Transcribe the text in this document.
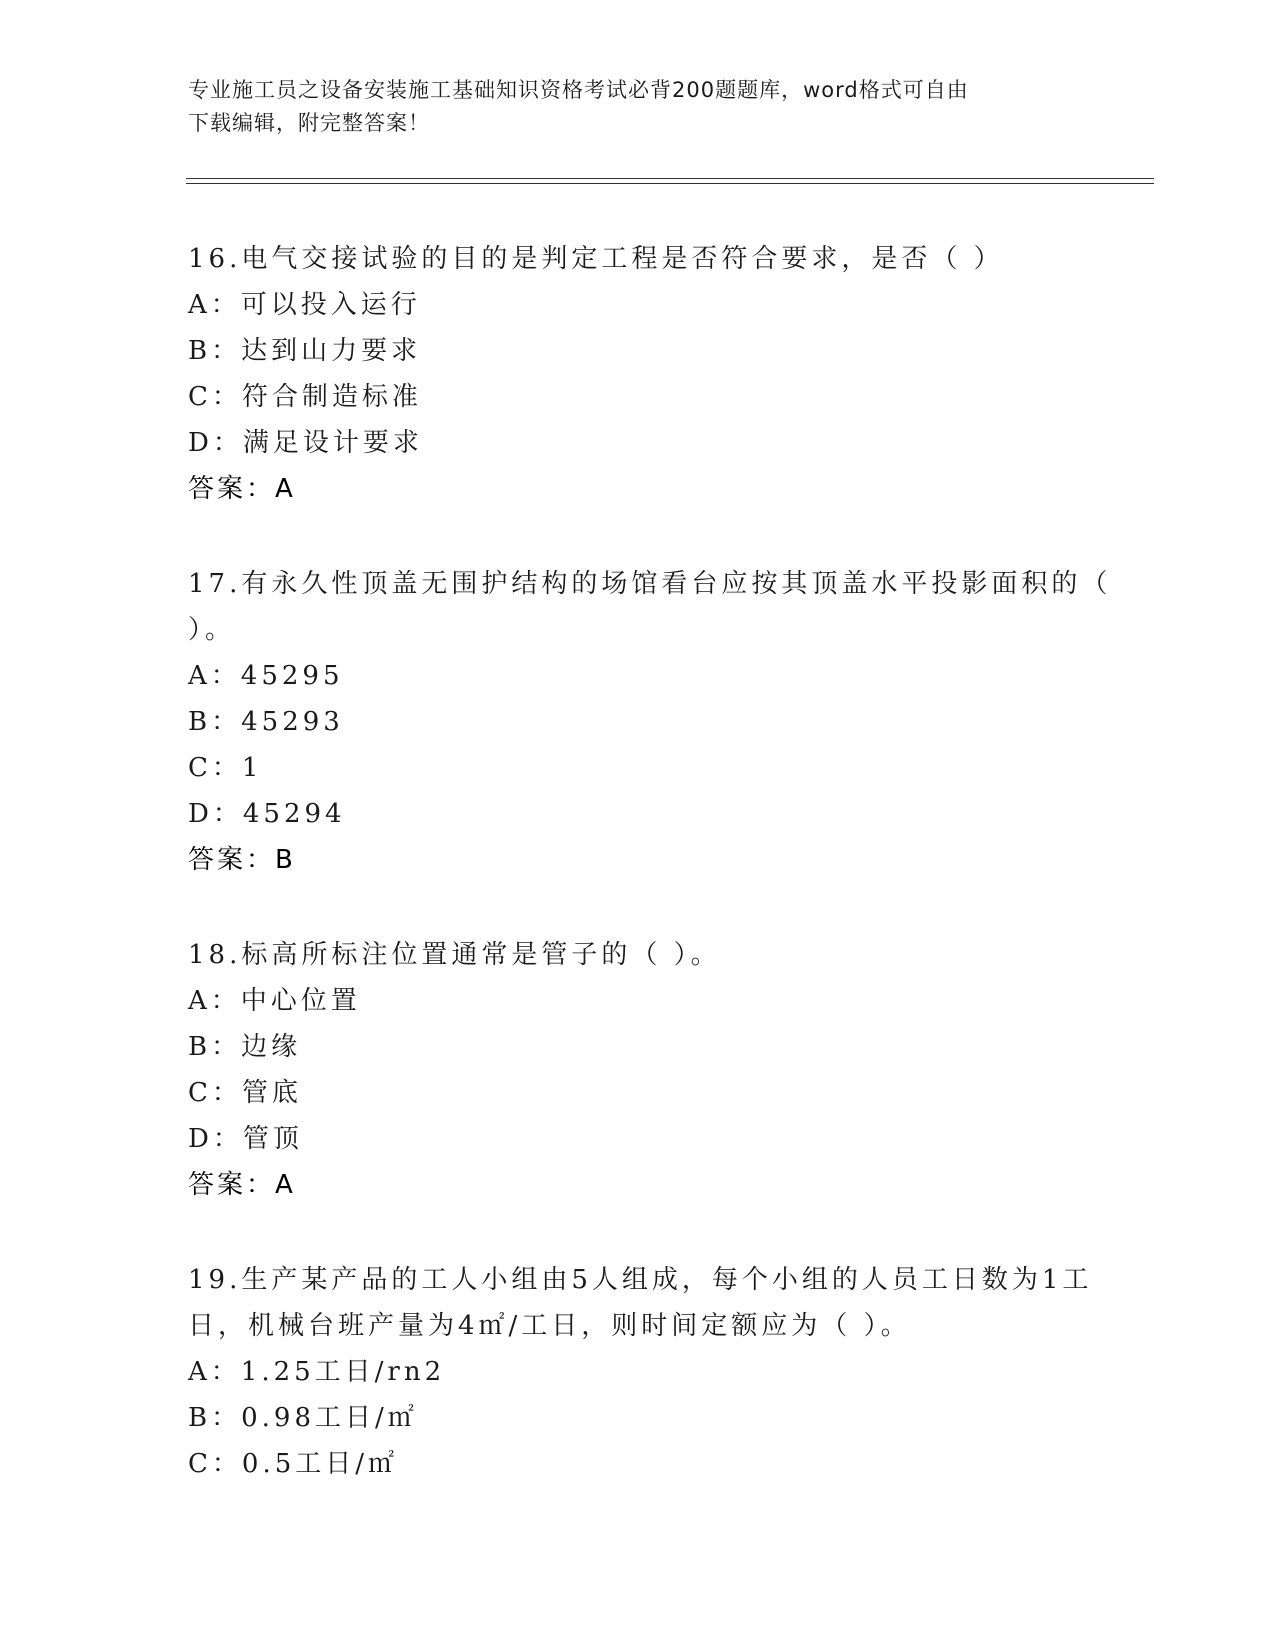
专业施工员之设备安装施工基础知识资格考试必背200题题库，word格式可自由
下载编辑，附完整答案！
16.电气交接试验的目的是判定工程是否符合要求，是否（ ）
A：可以投入运行
B：达到山力要求
C：符合制造标准
D：满足设计要求
答案：A
17.有永久性顶盖无围护结构的场馆看台应按其顶盖水平投影面积的（
）。
A：45295
B：45293
C：1
D：45294
答案：B
18.标高所标注位置通常是管子的（ ）。
A：中心位置
B：边缘
C：管底
D：管顶
答案：A
19.生产某产品的工人小组由5人组成，每个小组的人员工日数为1工
日，机械台班产量为4㎡/工日，则时间定额应为（ ）。
A：1.25工日/rn2
B：0.98工日/㎡
C：0.5工日/㎡
